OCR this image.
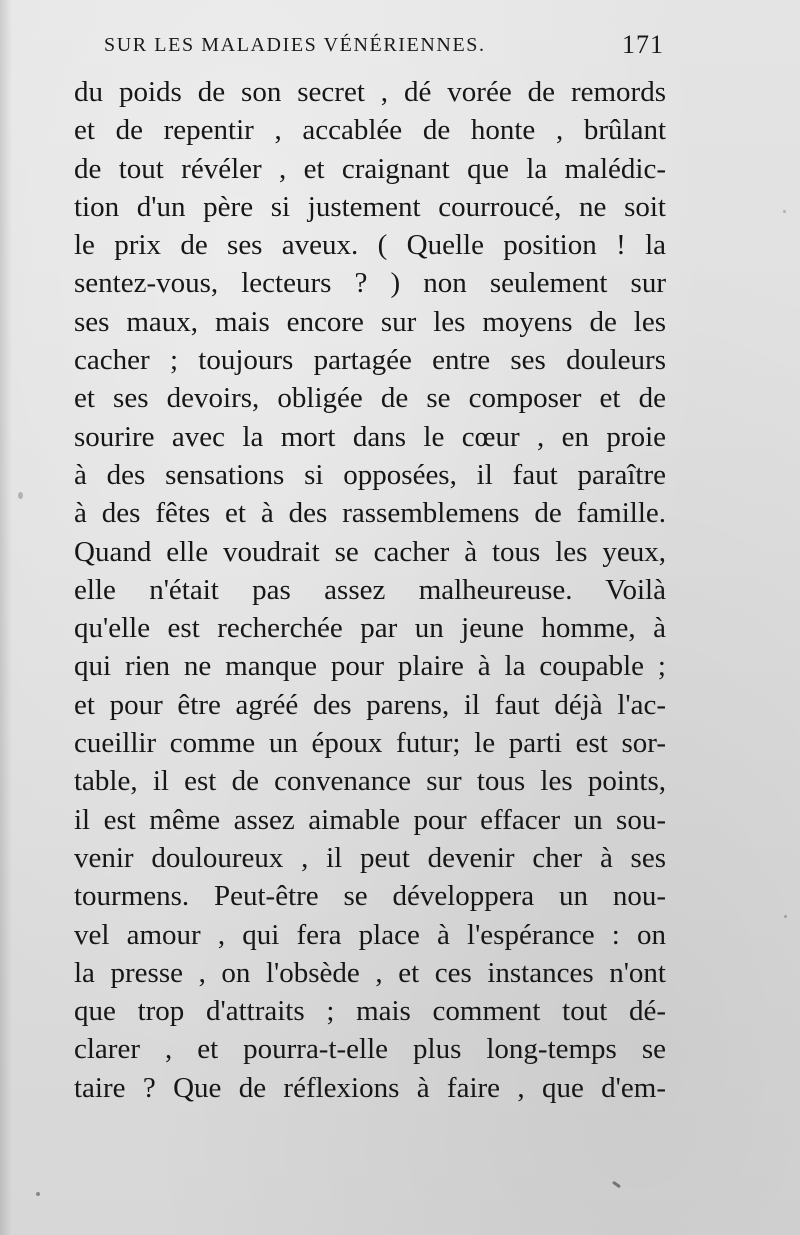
SUR LES MALADIES VÉNÉRIENNES.	171
du poids de son secret , dé vorée de remords
et de repentir , accablée de honte , brûlant
de tout révéler , et craignant que la malédic-
tion d'un père si justement courroucé, ne soit
le prix de ses aveux. ( Quelle position ! la
sentez-vous, lecteurs ? ) non seulement sur
ses maux, mais encore sur les moyens de les
cacher ; toujours partagée entre ses douleurs
et ses devoirs, obligée de se composer et de
sourire avec la mort dans le cœur , en proie
à des sensations si opposées, il faut paraître
à des fêtes et à des rassemblemens de famille.
Quand elle voudrait se cacher à tous les yeux,
elle n'était pas assez malheureuse. Voilà
qu'elle est recherchée par un jeune homme, à
qui rien ne manque pour plaire à la coupable ;
et pour être agréé des parens, il faut déjà l'ac-
cueillir comme un époux futur; le parti est sor-
table, il est de convenance sur tous les points,
il est même assez aimable pour effacer un sou-
venir douloureux , il peut devenir cher à ses
tourmens. Peut-être se développera un nou-
vel amour , qui fera place à l'espérance : on
la presse , on l'obsède , et ces instances n'ont
que trop d'attraits ; mais comment tout dé-
clarer , et pourra-t-elle plus long-temps se
taire ? Que de réflexions à faire , que d'em-
